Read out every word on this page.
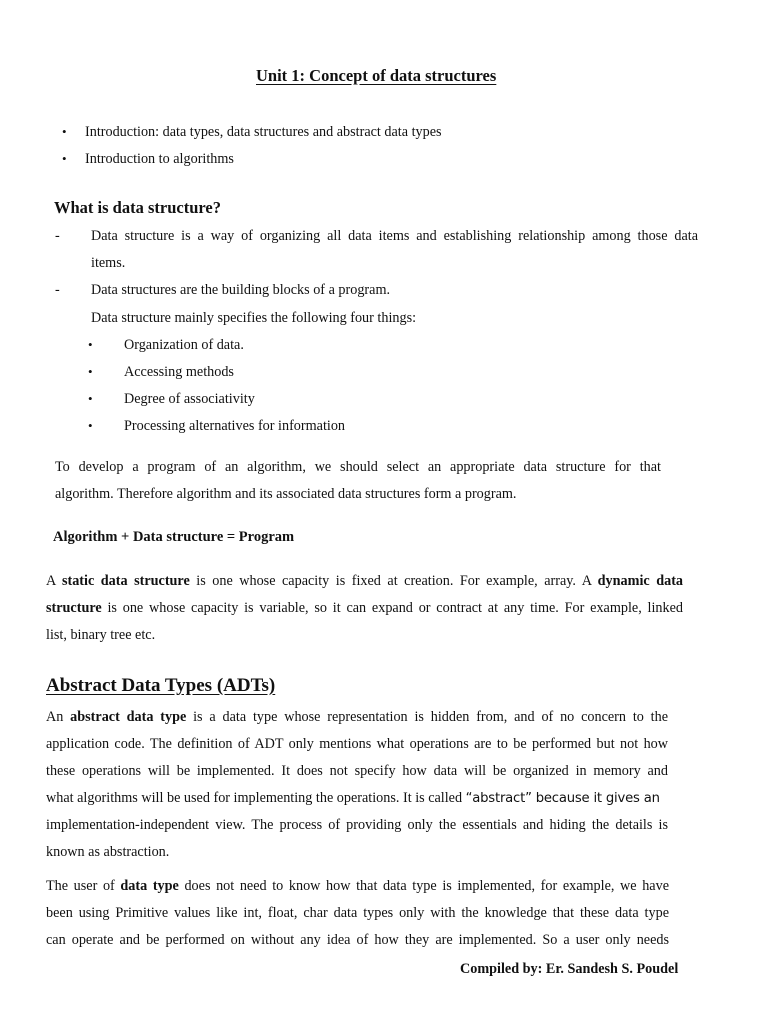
Unit 1: Concept of data structures
• Introduction: data types, data structures and abstract data types
• Introduction to algorithms
What is data structure?
- Data structure is a way of organizing all data items and establishing relationship among those data
items.
- Data structures are the building blocks of a program.
Data structure mainly specifies the following four things:
• Organization of data.
• Accessing methods
• Degree of associativity
• Processing alternatives for information
To develop a program of an algorithm, we should select an appropriate data structure for that
algorithm. Therefore algorithm and its associated data structures form a program.
Algorithm + Data structure = Program
A static data structure is one whose capacity is fixed at creation. For example, array. A dynamic data
structure is one whose capacity is variable, so it can expand or contract at any time. For example, linked
list, binary tree etc.
Abstract Data Types (ADTs)
An abstract data type is a data type whose representation is hidden from, and of no concern to the
application code. The definition of ADT only mentions what operations are to be performed but not how
these operations will be implemented. It does not specify how data will be organized in memory and
what algorithms will be used for implementing the operations. It is called “abstract” because it gives an
implementation-independent view. The process of providing only the essentials and hiding the details is
known as abstraction.
The user of data type does not need to know how that data type is implemented, for example, we have
been using Primitive values like int, float, char data types only with the knowledge that these data type
can operate and be performed on without any idea of how they are implemented. So a user only needs
Compiled by: Er. Sandesh S. Poudel
